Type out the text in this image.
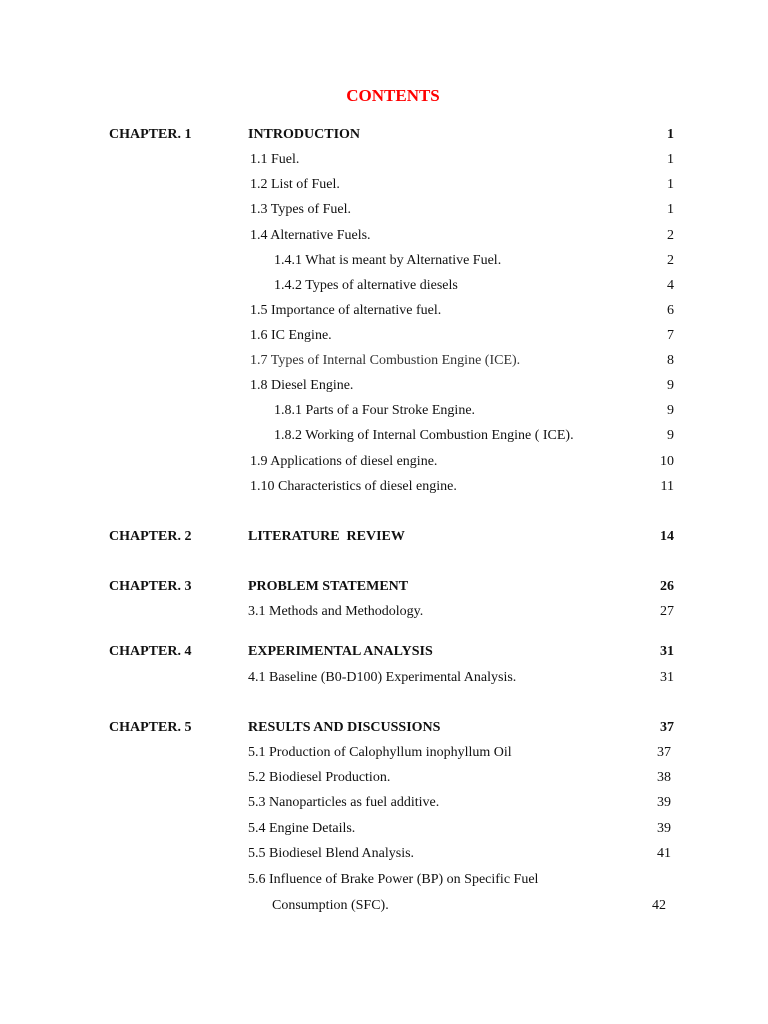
CONTENTS
CHAPTER. 1	INTRODUCTION	1
1.1 Fuel.	1
1.2 List of Fuel.	1
1.3 Types of Fuel.	1
1.4 Alternative Fuels.	2
1.4.1 What is meant by Alternative Fuel.	2
1.4.2 Types of alternative diesels	4
1.5 Importance of alternative fuel.	6
1.6 IC Engine.	7
1.7 Types of Internal Combustion Engine (ICE).	8
1.8 Diesel Engine.	9
1.8.1 Parts of a Four Stroke Engine.	9
1.8.2 Working of Internal Combustion Engine ( ICE).	9
1.9 Applications of diesel engine.	10
1.10 Characteristics of diesel engine.	11
CHAPTER. 2	LITERATURE  REVIEW	14
CHAPTER. 3	PROBLEM STATEMENT	26
3.1 Methods and Methodology.	27
CHAPTER. 4	EXPERIMENTAL ANALYSIS	31
4.1 Baseline (B0-D100) Experimental Analysis.	31
CHAPTER. 5	RESULTS AND DISCUSSIONS	37
5.1 Production of Calophyllum inophyllum Oil	37
5.2 Biodiesel Production.	38
5.3 Nanoparticles as fuel additive.	39
5.4 Engine Details.	39
5.5 Biodiesel Blend Analysis.	41
5.6 Influence of Brake Power (BP) on Specific Fuel
Consumption (SFC).	42
